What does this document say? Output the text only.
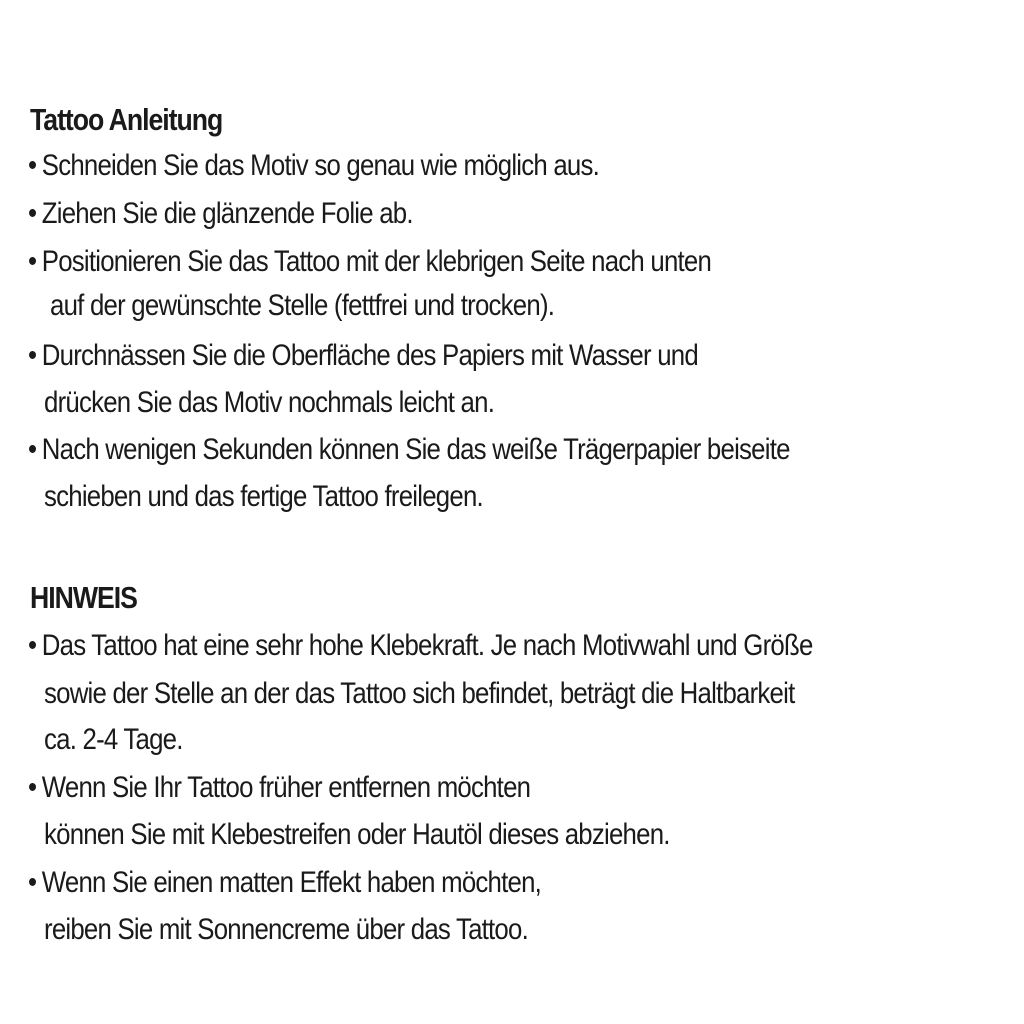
Tattoo Anleitung

• Schneiden Sie das Motiv so genau wie möglich aus.

• Ziehen Sie die glänzende Folie ab.

• Positionieren Sie das Tattoo mit der klebrigen Seite nach unten

auf der gewünschte Stelle (fettfrei und trocken).

• Durchnässen Sie die Oberfläche des Papiers mit Wasser und

drücken Sie das Motiv nochmals leicht an.

• Nach wenigen Sekunden können Sie das weiße Trägerpapier beiseite

schieben und das fertige Tattoo freilegen.

HINWEIS

• Das Tattoo hat eine sehr hohe Klebekraft. Je nach Motivwahl und Größe

sowie der Stelle an der das Tattoo sich befindet, beträgt die Haltbarkeit

ca. 2-4 Tage.

• Wenn Sie Ihr Tattoo früher entfernen möchten

können Sie mit Klebestreifen oder Hautöl dieses abziehen.

• Wenn Sie einen matten Effekt haben möchten,

reiben Sie mit Sonnencreme über das Tattoo.
